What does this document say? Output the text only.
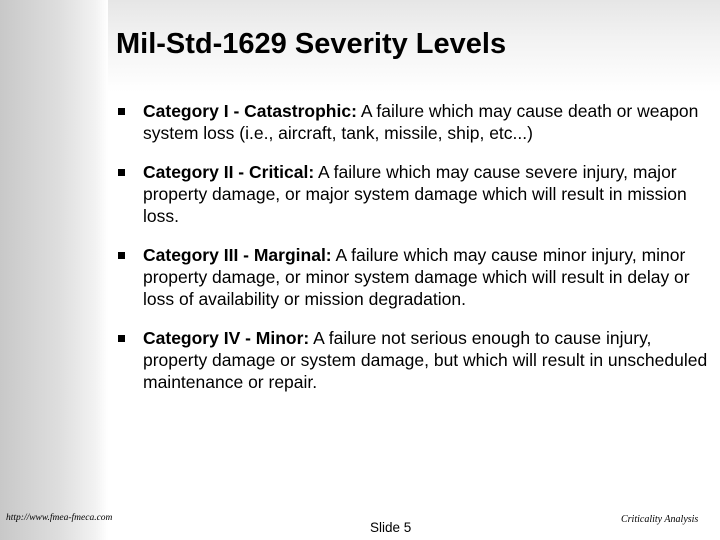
Mil-Std-1629 Severity Levels
Category I - Catastrophic: A failure which may cause death or weapon system loss (i.e., aircraft, tank, missile, ship, etc...)
Category II - Critical: A failure which may cause severe injury, major property damage, or major system damage which will result in mission loss.
Category III - Marginal: A failure which may cause minor injury, minor property damage, or minor system damage which will result in delay or loss of availability or mission degradation.
Category IV - Minor: A failure not serious enough to cause injury, property damage or system damage, but which will result in unscheduled maintenance or repair.
http://www.fmea-fmeca.com
Slide 5
Criticality Analysis
